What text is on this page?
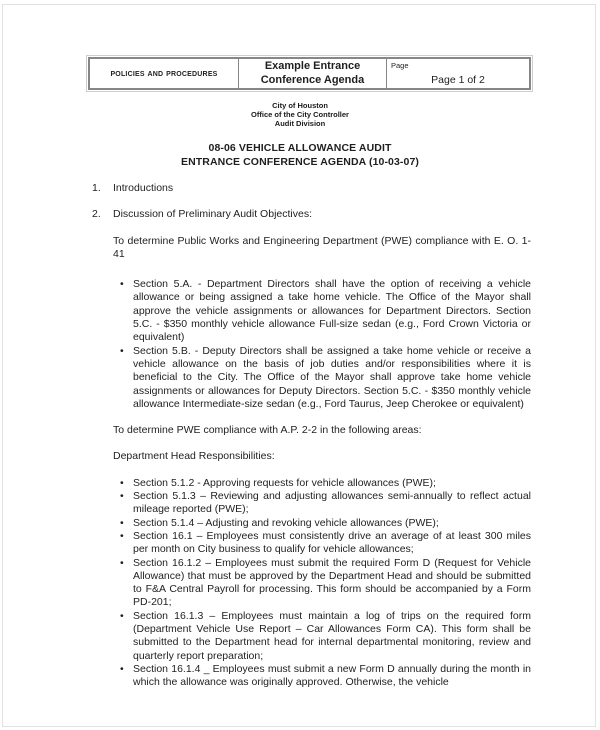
policies and procedures
Example Entrance Conference Agenda
Page
Page 1 of 2
City of Houston
Office of the City Controller
Audit Division
08-06 VEHICLE ALLOWANCE AUDIT
ENTRANCE CONFERENCE AGENDA (10-03-07)
1.	Introductions
2.	Discussion of Preliminary Audit Objectives:

To determine Public Works and Engineering Department (PWE) compliance with E. O. 1-41

• Section 5.A. - Department Directors shall have the option of receiving a vehicle allowance or being assigned a take home vehicle. The Office of the Mayor shall approve the vehicle assignments or allowances for Department Directors. Section 5.C. - $350 monthly vehicle allowance Full-size sedan (e.g., Ford Crown Victoria or equivalent)
• Section 5.B. - Deputy Directors shall be assigned a take home vehicle or receive a vehicle allowance on the basis of job duties and/or responsibilities where it is beneficial to the City. The Office of the Mayor shall approve take home vehicle assignments or allowances for Deputy Directors. Section 5.C. - $350 monthly vehicle allowance Intermediate-size sedan (e.g., Ford Taurus, Jeep Cherokee or equivalent)

To determine PWE compliance with A.P. 2-2 in the following areas:

Department Head Responsibilities:

• Section 5.1.2 - Approving requests for vehicle allowances (PWE);
• Section 5.1.3 – Reviewing and adjusting allowances semi-annually to reflect actual mileage reported (PWE);
• Section 5.1.4 – Adjusting and revoking vehicle allowances (PWE);
• Section 16.1 – Employees must consistently drive an average of at least 300 miles per month on City business to qualify for vehicle allowances;
• Section 16.1.2 – Employees must submit the required Form D (Request for Vehicle Allowance) that must be approved by the Department Head and should be submitted to F&A Central Payroll for processing. This form should be accompanied by a Form PD-201;
• Section 16.1.3 – Employees must maintain a log of trips on the required form (Department Vehicle Use Report – Car Allowances Form CA). This form shall be submitted to the Department head for internal departmental monitoring, review and quarterly report preparation;
• Section 16.1.4 _ Employees must submit a new Form D annually during the month in which the allowance was originally approved. Otherwise, the vehicle
